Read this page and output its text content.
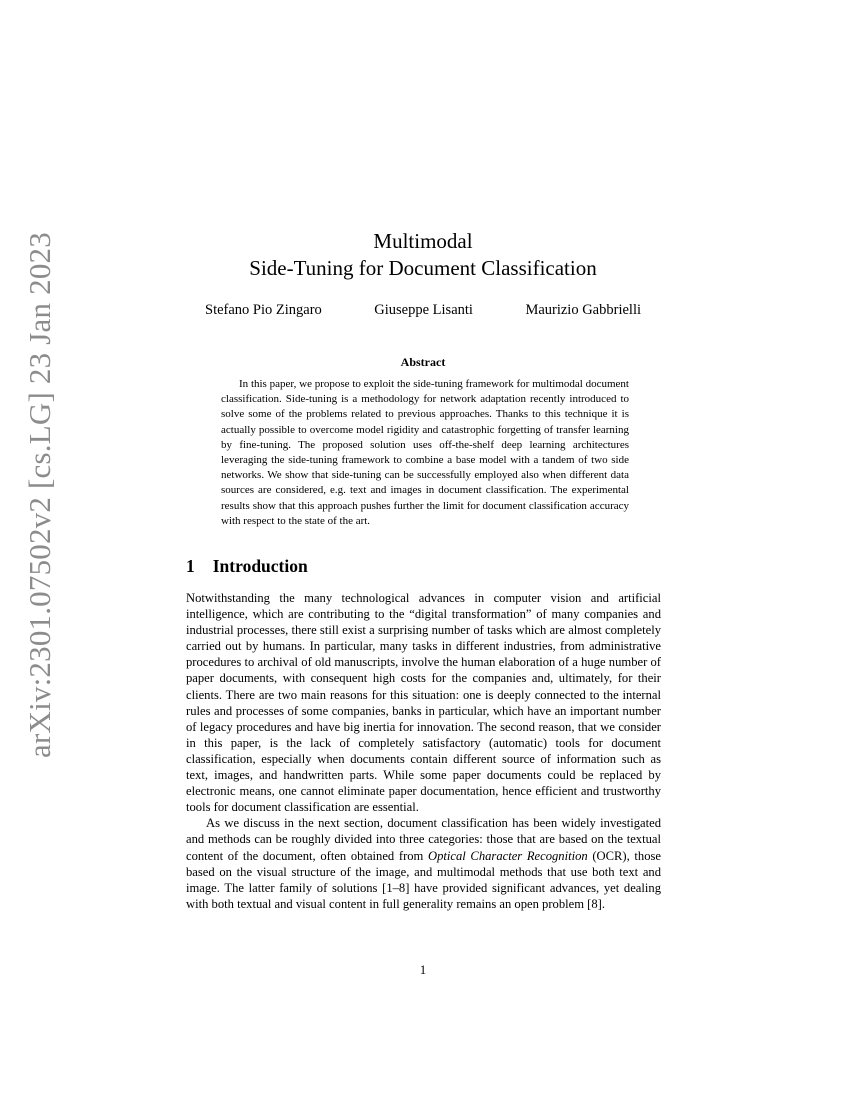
arXiv:2301.07502v2 [cs.LG] 23 Jan 2023	Multimodal
Side-Tuning for Document Classification
Stefano Pio Zingaro	Giuseppe Lisanti	Maurizio Gabbrielli
Abstract
In this paper, we propose to exploit the side-tuning framework for multimodal document classification. Side-tuning is a methodology for network adaptation recently introduced to solve some of the problems related to previous approaches. Thanks to this technique it is actually possible to overcome model rigidity and catastrophic forgetting of transfer learning by fine-tuning. The proposed solution uses off-the-shelf deep learning architectures leveraging the side-tuning framework to combine a base model with a tandem of two side networks. We show that side-tuning can be successfully employed also when different data sources are considered, e.g. text and images in document classification. The experimental results show that this approach pushes further the limit for document classification accuracy with respect to the state of the art.
1 Introduction

Notwithstanding the many technological advances in computer vision and artificial intelligence, which are contributing to the “digital transformation” of many companies and industrial processes, there still exist a surprising number of tasks which are almost completely carried out by humans. In particular, many tasks in different industries, from administrative procedures to archival of old manuscripts, involve the human elaboration of a huge number of paper documents, with consequent high costs for the companies and, ultimately, for their clients. There are two main reasons for this situation: one is deeply connected to the internal rules and processes of some companies, banks in particular, which have an important number of legacy procedures and have big inertia for innovation. The second reason, that we consider in this paper, is the lack of completely satisfactory (automatic) tools for document classification, especially when documents contain different source of information such as text, images, and handwritten parts. While some paper documents could be replaced by electronic means, one cannot eliminate paper documentation, hence efficient and trustworthy tools for document classification are essential.

As we discuss in the next section, document classification has been widely investigated and methods can be roughly divided into three categories: those that are based on the textual content of the document, often obtained from Optical Character Recognition (OCR), those based on the visual structure of the image, and multimodal methods that use both text and image. The latter family of solutions [1–8] have provided significant advances, yet dealing with both textual and visual content in full generality remains an open problem [8].

1
